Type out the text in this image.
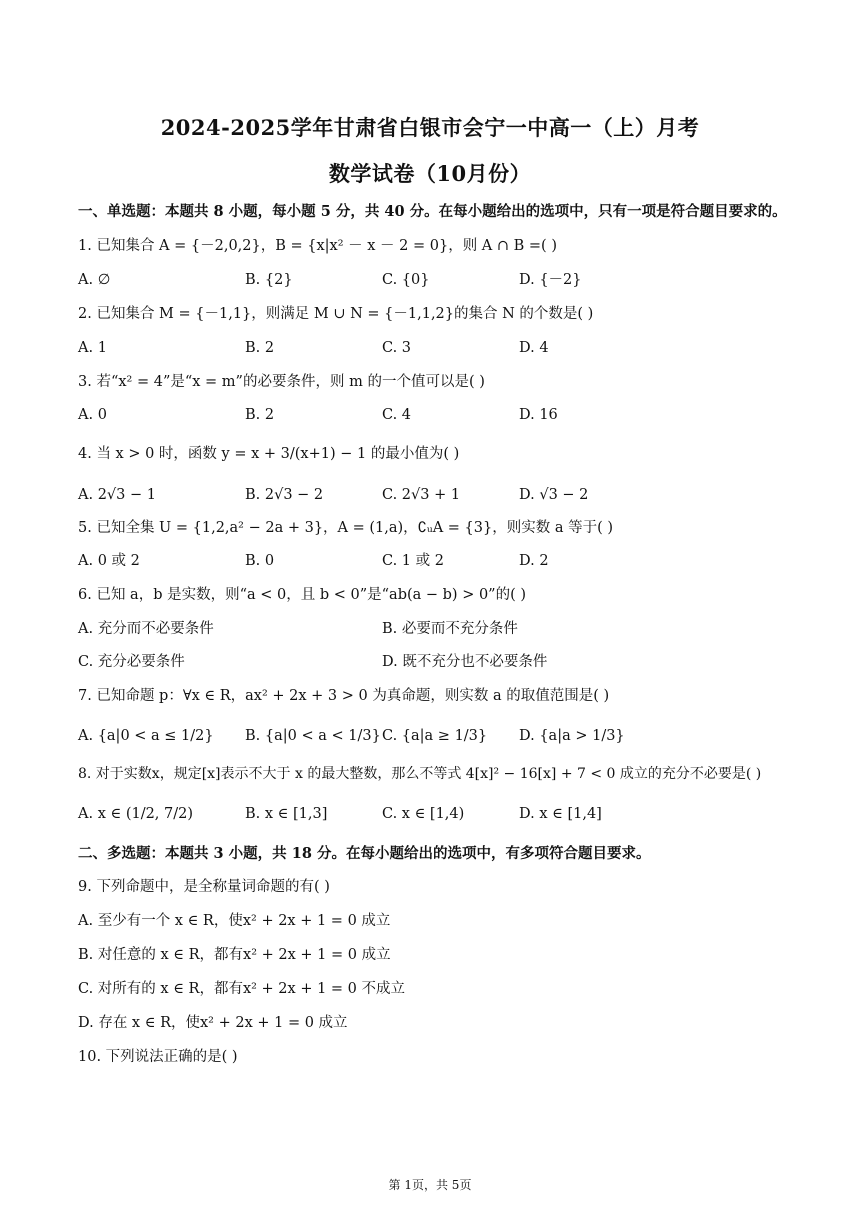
2024-2025学年甘肃省白银市会宁一中高一（上）月考
数学试卷（10月份）
一、单选题：本题共 8 小题，每小题 5 分，共 40 分。在每小题给出的选项中，只有一项是符合题目要求的。
1. 已知集合 A = {－2,0,2}，B = {x|x² － x － 2 = 0}，则 A ∩ B =( )
A. ∅	B. {2}	C. {0}	D. {－2}
2. 已知集合 M = {－1,1}，则满足 M ∪ N = {－1,1,2}的集合 N 的个数是( )
A. 1	B. 2	C. 3	D. 4
3. 若“x² = 4”是“x = m”的必要条件，则 m 的一个值可以是( )
A. 0	B. 2	C. 4	D. 16
4. 当 x > 0 时，函数 y = x + 3/(x+1) − 1 的最小值为( )
A. 2√3 − 1	B. 2√3 − 2	C. 2√3 + 1	D. √3 − 2
5. 已知全集 U = {1,2,a² − 2a + 3}，A = (1,a)，∁ᵤA = {3}，则实数 a 等于( )
A. 0 或 2	B. 0	C. 1 或 2	D. 2
6. 已知 a，b 是实数，则“a < 0，且 b < 0”是“ab(a − b) > 0”的( )
A. 充分而不必要条件	B. 必要而不充分条件
C. 充分必要条件	D. 既不充分也不必要条件
7. 已知命题 p：∀x ∈ R，ax² + 2x + 3 > 0 为真命题，则实数 a 的取值范围是( )
A. {a|0 < a ≤ 1/2} B. {a|0 < a < 1/3} C. {a|a ≥ 1/3} D. {a|a > 1/3}
8. 对于实数x，规定[x]表示不大于 x 的最大整数，那么不等式 4[x]² − 16[x] + 7 < 0 成立的充分不必要是( )
A. x ∈ (1/2, 7/2)	B. x ∈ [1,3]	C. x ∈ [1,4)	D. x ∈ [1,4]
二、多选题：本题共 3 小题，共 18 分。在每小题给出的选项中，有多项符合题目要求。
9. 下列命题中，是全称量词命题的有( )
A. 至少有一个 x ∈ R，使x² + 2x + 1 = 0 成立
B. 对任意的 x ∈ R，都有x² + 2x + 1 = 0 成立
C. 对所有的 x ∈ R，都有x² + 2x + 1 = 0 不成立
D. 存在 x ∈ R，使x² + 2x + 1 = 0 成立
10. 下列说法正确的是( )
第 1页，共 5页
